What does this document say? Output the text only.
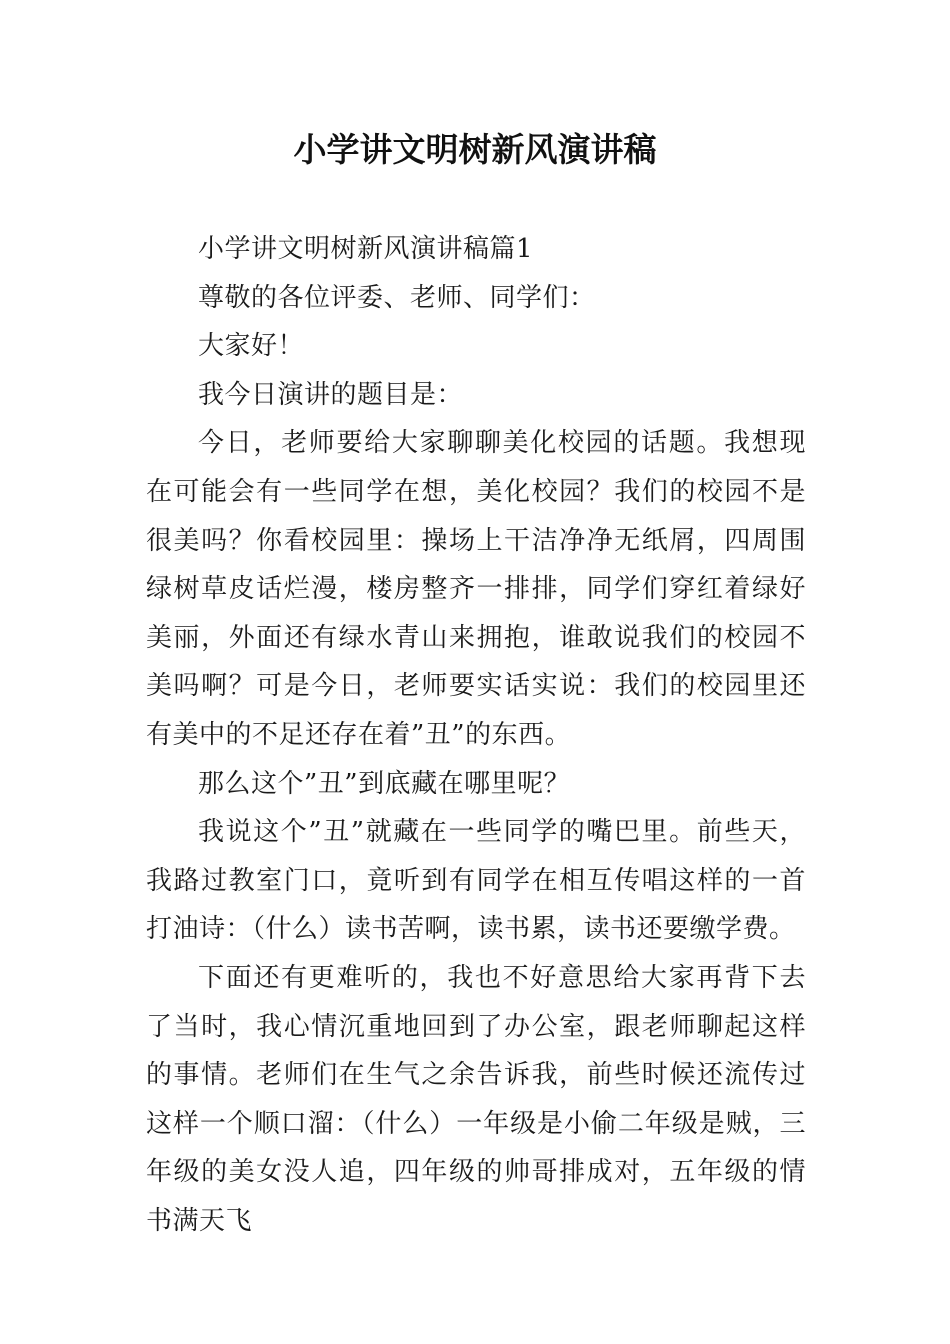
小学讲文明树新风演讲稿

小学讲文明树新风演讲稿篇1

尊敬的各位评委、老师、同学们：

大家好！

我今日演讲的题目是：

今日，老师要给大家聊聊美化校园的话题。我想现在可能会有一些同学在想，美化校园？我们的校园不是很美吗？你看校园里：操场上干洁净净无纸屑，四周围绿树草皮话烂漫，楼房整齐一排排，同学们穿红着绿好美丽，外面还有绿水青山来拥抱，谁敢说我们的校园不美吗啊？可是今日，老师要实话实说：我们的校园里还有美中的不足还存在着”丑”的东西。

那么这个”丑”到底藏在哪里呢？

我说这个”丑”就藏在一些同学的嘴巴里。前些天，我路过教室门口，竟听到有同学在相互传唱这样的一首打油诗：（什么）读书苦啊，读书累，读书还要缴学费。

下面还有更难听的，我也不好意思给大家再背下去了当时，我心情沉重地回到了办公室，跟老师聊起这样的事情。老师们在生气之余告诉我，前些时候还流传过这样一个顺口溜：（什么）一年级是小偷二年级是贼，三年级的美女没人追，四年级的帅哥排成对，五年级的情书满天飞
